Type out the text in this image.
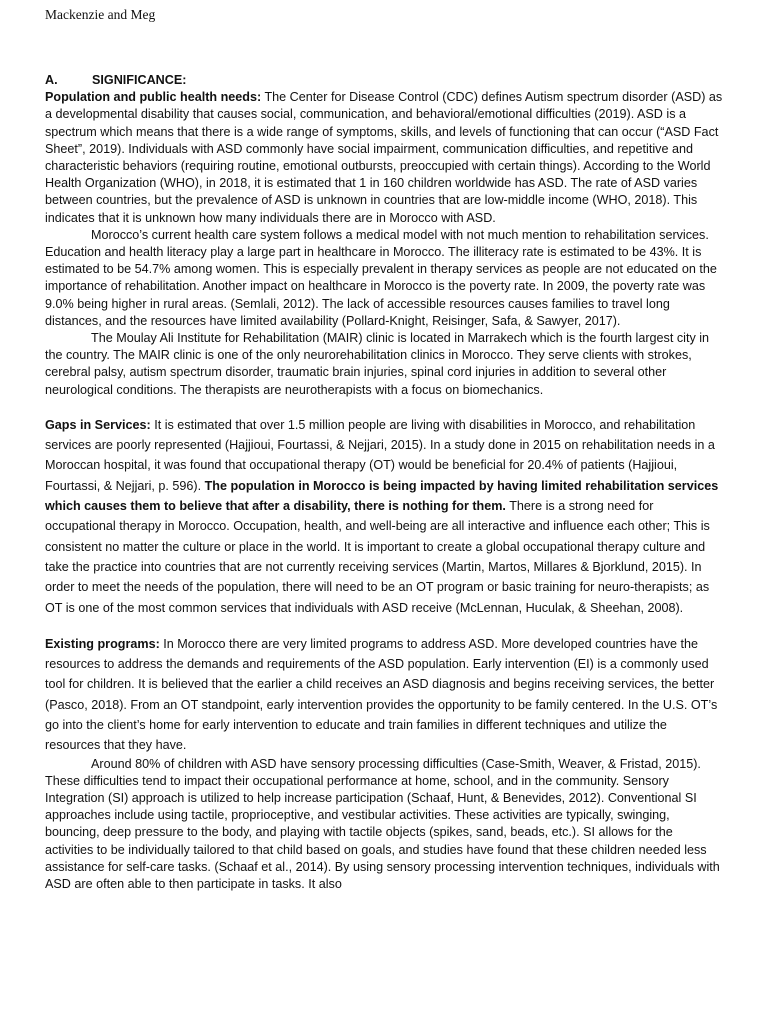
Mackenzie and Meg
A.	SIGNIFICANCE:

Population and public health needs: The Center for Disease Control (CDC) defines Autism spectrum disorder (ASD) as a developmental disability that causes social, communication, and behavioral/emotional difficulties (2019). ASD is a spectrum which means that there is a wide range of symptoms, skills, and levels of functioning that can occur (“ASD Fact Sheet”, 2019). Individuals with ASD commonly have social impairment, communication difficulties, and repetitive and characteristic behaviors (requiring routine, emotional outbursts, preoccupied with certain things). According to the World Health Organization (WHO), in 2018, it is estimated that 1 in 160 children worldwide has ASD. The rate of ASD varies between countries, but the prevalence of ASD is unknown in countries that are low-middle income (WHO, 2018). This indicates that it is unknown how many individuals there are in Morocco with ASD.

Morocco’s current health care system follows a medical model with not much mention to rehabilitation services. Education and health literacy play a large part in healthcare in Morocco. The illiteracy rate is estimated to be 43%. It is estimated to be 54.7% among women. This is especially prevalent in therapy services as people are not educated on the importance of rehabilitation. Another impact on healthcare in Morocco is the poverty rate. In 2009, the poverty rate was 9.0% being higher in rural areas. (Semlali, 2012). The lack of accessible resources causes families to travel long distances, and the resources have limited availability (Pollard-Knight, Reisinger, Safa, & Sawyer, 2017).

The Moulay Ali Institute for Rehabilitation (MAIR) clinic is located in Marrakech which is the fourth largest city in the country. The MAIR clinic is one of the only neurorehabilitation clinics in Morocco. They serve clients with strokes, cerebral palsy, autism spectrum disorder, traumatic brain injuries, spinal cord injuries in addition to several other neurological conditions. The therapists are neurotherapists with a focus on biomechanics.

Gaps in Services: It is estimated that over 1.5 million people are living with disabilities in Morocco, and rehabilitation services are poorly represented (Hajjioui, Fourtassi, & Nejjari, 2015). In a study done in 2015 on rehabilitation needs in a Moroccan hospital, it was found that occupational therapy (OT) would be beneficial for 20.4% of patients (Hajjioui, Fourtassi, & Nejjari, p. 596). The population in Morocco is being impacted by having limited rehabilitation services which causes them to believe that after a disability, there is nothing for them. There is a strong need for occupational therapy in Morocco. Occupation, health, and well-being are all interactive and influence each other; This is consistent no matter the culture or place in the world. It is important to create a global occupational therapy culture and take the practice into countries that are not currently receiving services (Martin, Martos, Millares & Bjorklund, 2015). In order to meet the needs of the population, there will need to be an OT program or basic training for neuro-therapists; as OT is one of the most common services that individuals with ASD receive (McLennan, Huculak, & Sheehan, 2008).

Existing programs: In Morocco there are very limited programs to address ASD. More developed countries have the resources to address the demands and requirements of the ASD population. Early intervention (EI) is a commonly used tool for children. It is believed that the earlier a child receives an ASD diagnosis and begins receiving services, the better (Pasco, 2018). From an OT standpoint, early intervention provides the opportunity to be family centered. In the U.S. OT’s go into the client’s home for early intervention to educate and train families in different techniques and utilize the resources that they have.

Around 80% of children with ASD have sensory processing difficulties (Case-Smith, Weaver, & Fristad, 2015). These difficulties tend to impact their occupational performance at home, school, and in the community. Sensory Integration (SI) approach is utilized to help increase participation (Schaaf, Hunt, & Benevides, 2012). Conventional SI approaches include using tactile, proprioceptive, and vestibular activities. These activities are typically, swinging, bouncing, deep pressure to the body, and playing with tactile objects (spikes, sand, beads, etc.). SI allows for the activities to be individually tailored to that child based on goals, and studies have found that these children needed less assistance for self-care tasks. (Schaaf et al., 2014). By using sensory processing intervention techniques, individuals with ASD are often able to then participate in tasks. It also
